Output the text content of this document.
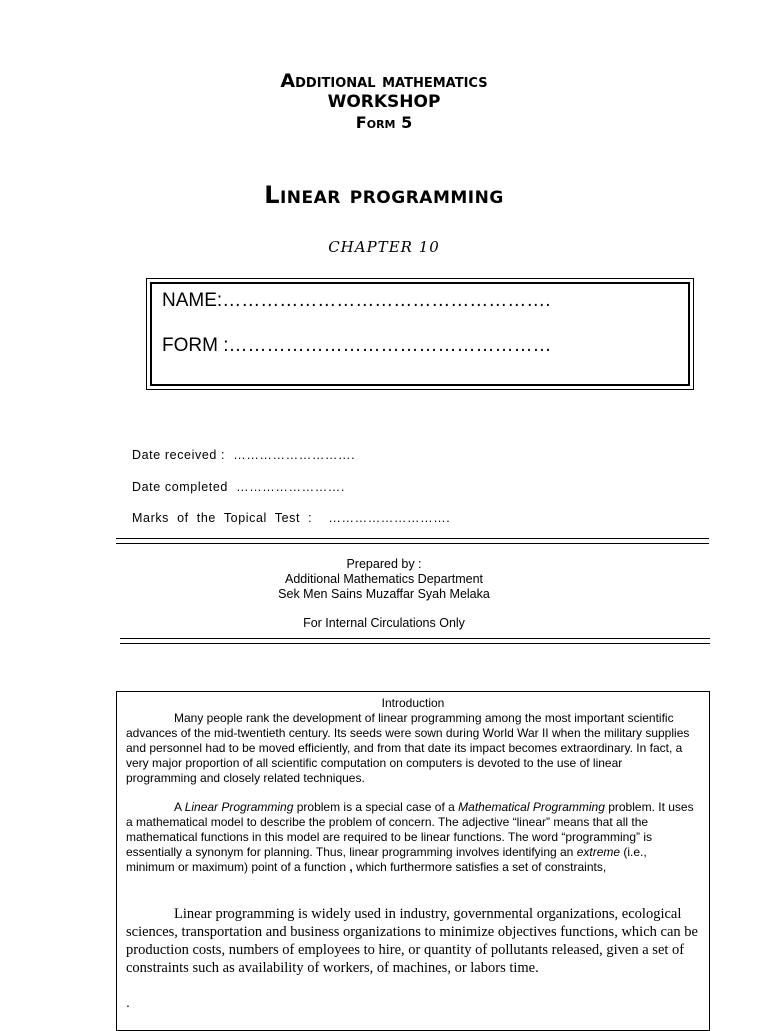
Additional mathematics
WORKSHOP
Form 5
Linear programming
CHAPTER 10
NAME:…………………………………………….
FORM :……………………………………………
Date received : ……………………….
Date completed …………………….
Marks of the Topical Test : ……………………….
Prepared by :
Additional Mathematics Department
Sek Men Sains Muzaffar Syah Melaka
For Internal Circulations Only
Introduction
Many people rank the development of linear programming among the most important scientific advances of the mid-twentieth century. Its seeds were sown during World War II when the military supplies and personnel had to be moved efficiently, and from that date its impact becomes extraordinary. In fact, a very major proportion of all scientific computation on computers is devoted to the use of linear programming and closely related techniques.
A Linear Programming problem is a special case of a Mathematical Programming problem. It uses a mathematical model to describe the problem of concern. The adjective “linear” means that all the mathematical functions in this model are required to be linear functions. The word “programming” is essentially a synonym for planning. Thus, linear programming involves identifying an extreme (i.e., minimum or maximum) point of a function , which furthermore satisfies a set of constraints,
Linear programming is widely used in industry, governmental organizations, ecological sciences, transportation and business organizations to minimize objectives functions, which can be production costs, numbers of employees to hire, or quantity of pollutants released, given a set of constraints such as availability of workers, of machines, or labors time.
.
